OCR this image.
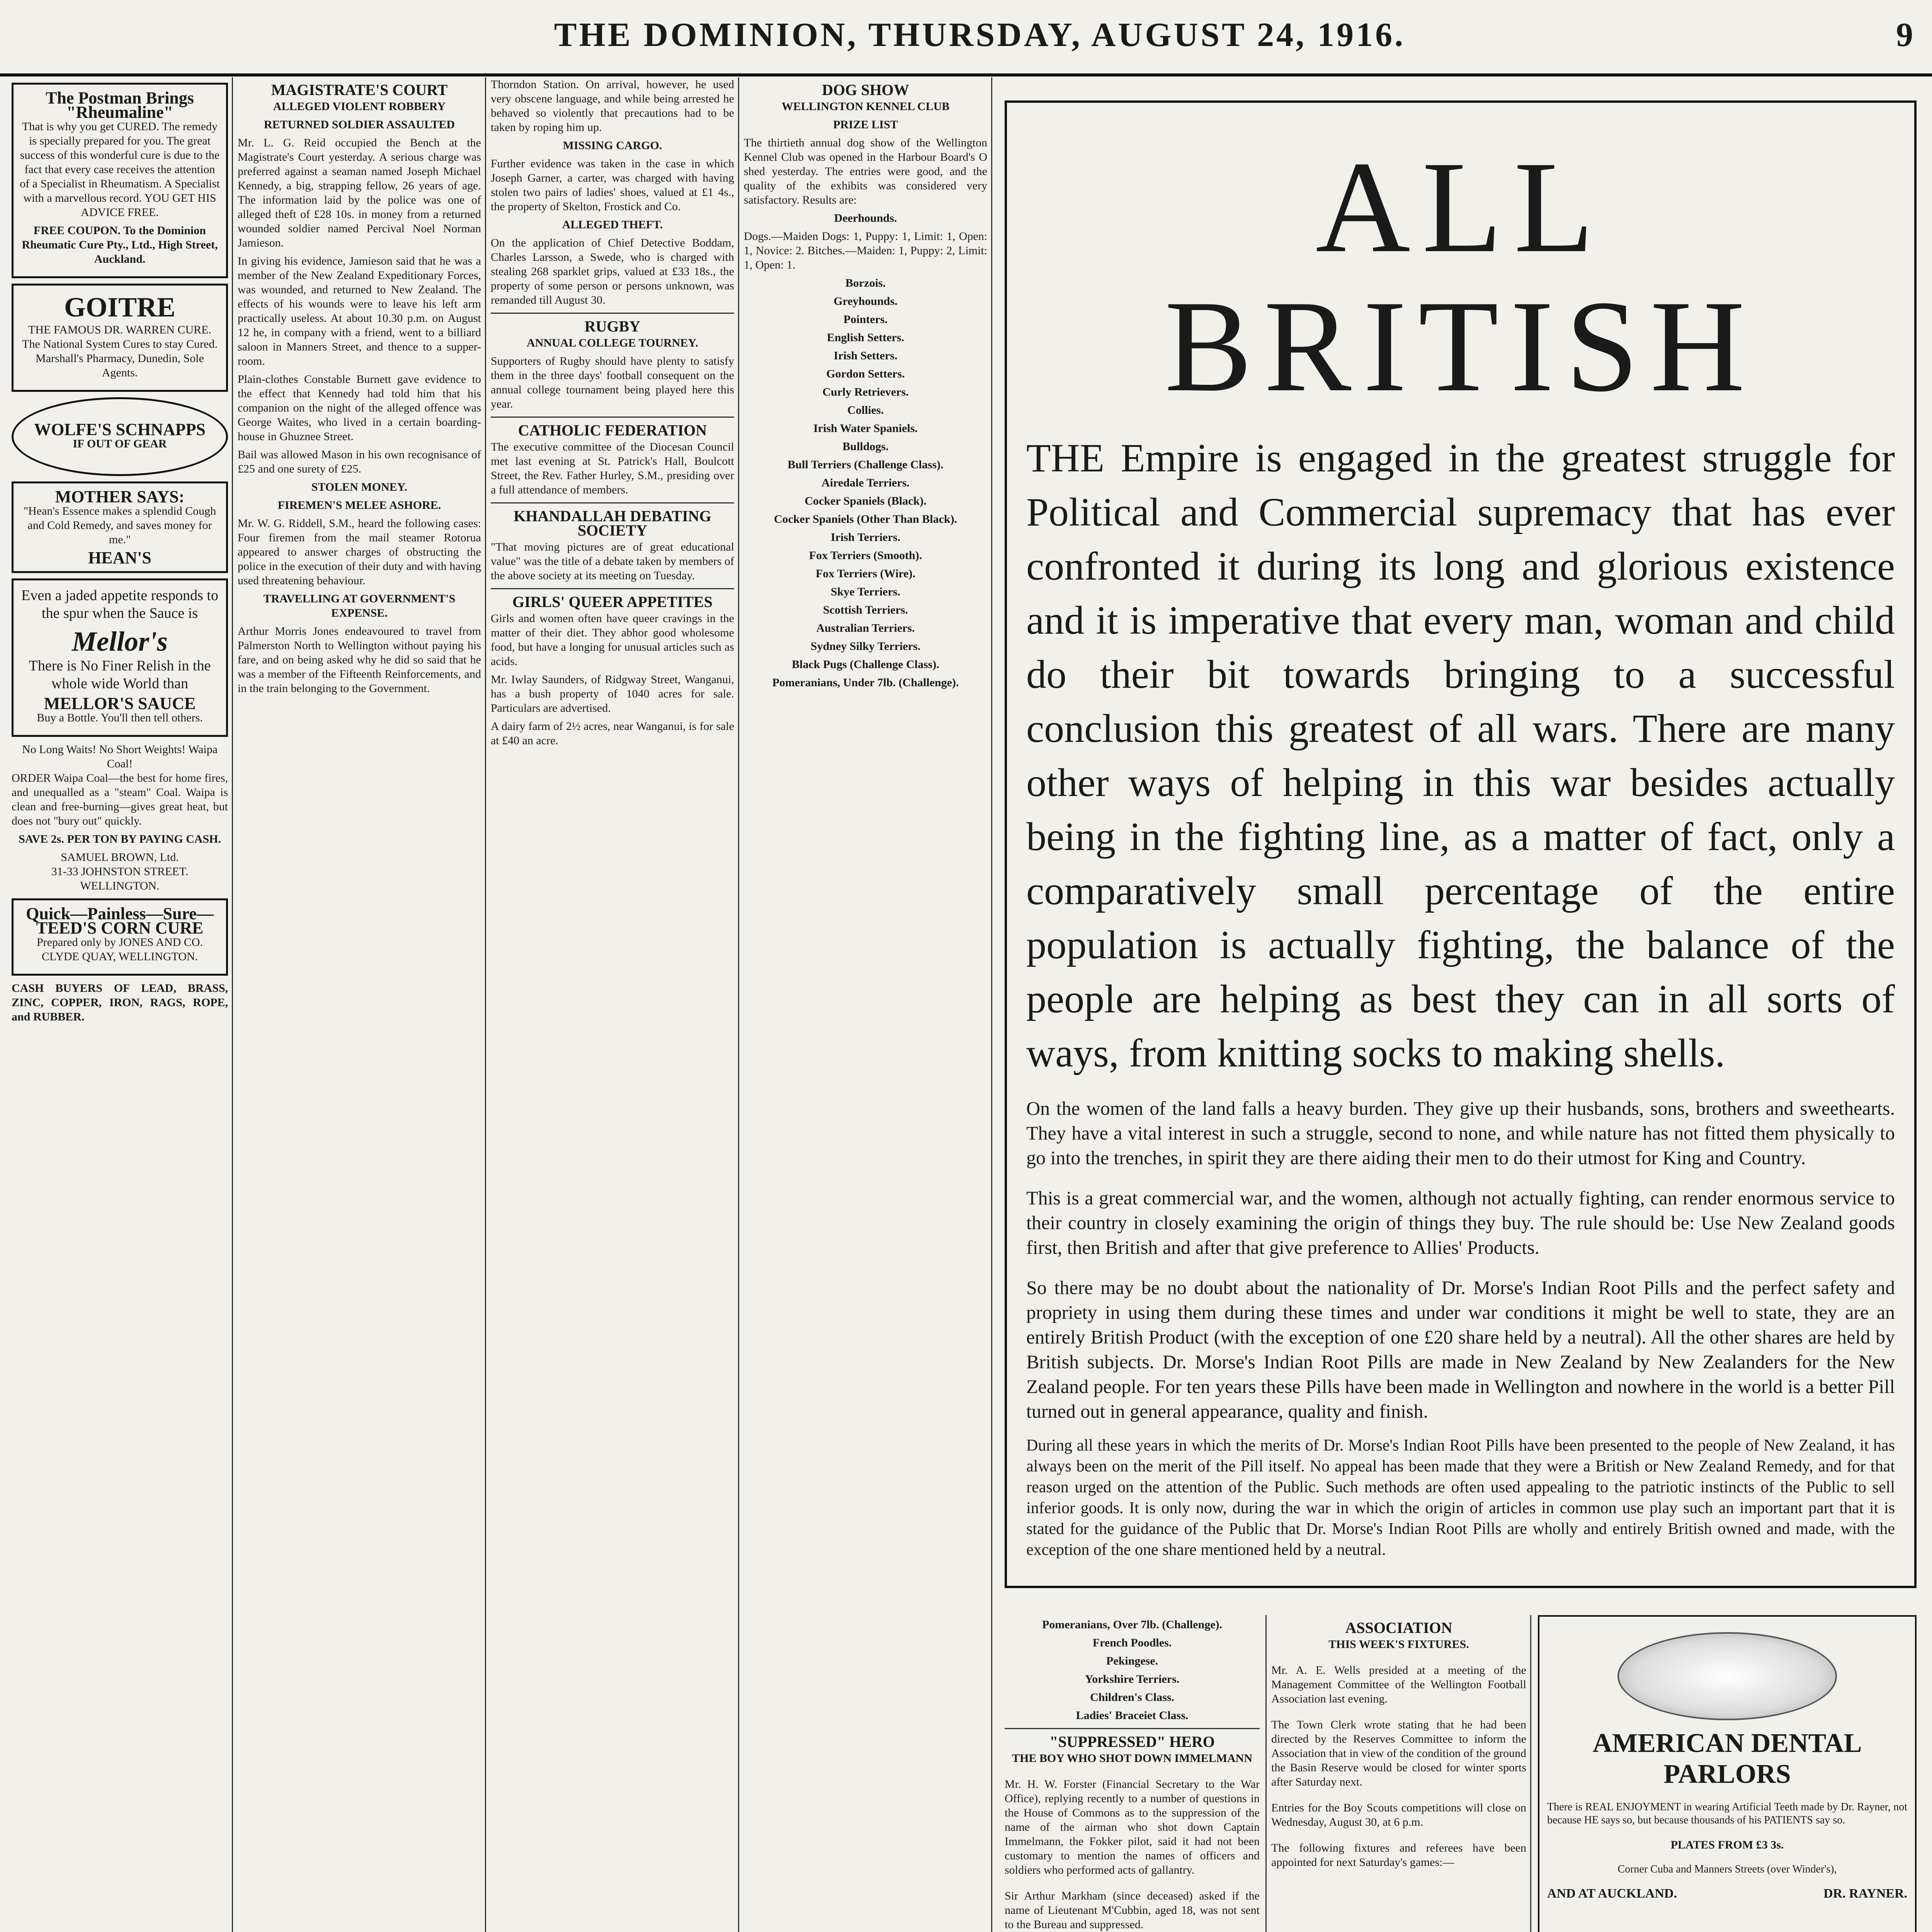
THE DOMINION, THURSDAY, AUGUST 24, 1916.	9
The Postman Brings "Rheumaline"

That is why you get CURED. The remedy is specially prepared for you. The great success of this wonderful cure is due to the fact that every case receives the attention of a Specialist in Rheumatism. A Specialist with a marvellous record. YOU GET HIS ADVICE FREE.

FREE COUPON. To the Dominion Rheumatic Cure Pty., Ltd., High Street, Auckland.

GOITRE

THE FAMOUS DR. WARREN CURE. The National System Cures to stay Cured. Marshall's Pharmacy, Dunedin, Sole Agents.

WOLFE'S SCHNAPPS
IF OUT OF GEAR
MOTHER SAYS:

"Hean's Essence makes a splendid Cough and Cold Remedy, and saves money for me."

HEAN'S

Even a jaded appetite responds to the spur when the Sauce is

Mellor's

There is No Finer Relish in the whole wide World than

MELLOR'S SAUCE

Buy a Bottle. You'll then tell others.

No Long Waits! No Short Weights! Waipa Coal!

ORDER Waipa Coal—the best for home fires, and unequalled as a "steam" Coal. Waipa is clean and free-burning—gives great heat, but does not "bury out" quickly.

SAVE 2s. PER TON BY PAYING CASH.

SAMUEL BROWN, Ltd.

31-33 JOHNSTON STREET. WELLINGTON.

Quick—Painless—Sure— TEED'S CORN CURE

Prepared only by JONES AND CO. CLYDE QUAY, WELLINGTON.

CASH BUYERS OF LEAD, BRASS, ZINC, COPPER, IRON, RAGS, ROPE, and RUBBER.

MAGISTRATE'S COURT
ALLEGED VIOLENT ROBBERY
RETURNED SOLDIER ASSAULTED

Mr. L. G. Reid occupied the Bench at the Magistrate's Court yesterday. A serious charge was preferred against a seaman named Joseph Michael Kennedy, a big, strapping fellow, 26 years of age. The information laid by the police was one of alleged theft of £28 10s. in money from a returned wounded soldier named Percival Noel Norman Jamieson.

In giving his evidence, Jamieson said that he was a member of the New Zealand Expeditionary Forces, was wounded, and returned to New Zealand. The effects of his wounds were to leave his left arm practically useless. At about 10.30 p.m. on August 12 he, in company with a friend, went to a billiard saloon in Manners Street, and thence to a supper-room.

Plain-clothes Constable Burnett gave evidence to the effect that Kennedy had told him that his companion on the night of the alleged offence was George Waites, who lived in a certain boarding-house in Ghuznee Street.

Bail was allowed Mason in his own recognisance of £25 and one surety of £25.

STOLEN MONEY.
FIREMEN'S MELEE ASHORE.

Mr. W. G. Riddell, S.M., heard the following cases: Four firemen from the mail steamer Rotorua appeared to answer charges of obstructing the police in the execution of their duty and with having used threatening behaviour.

TRAVELLING AT GOVERNMENT'S EXPENSE.

Arthur Morris Jones endeavoured to travel from Palmerston North to Wellington without paying his fare, and on being asked why he did so said that he was a member of the Fifteenth Reinforcements, and in the train belonging to the Government.

Thorndon Station. On arrival, however, he used very obscene language, and while being arrested he behaved so violently that precautions had to be taken by roping him up.

MISSING CARGO.

Further evidence was taken in the case in which Joseph Garner, a carter, was charged with having stolen two pairs of ladies' shoes, valued at £1 4s., the property of Skelton, Frostick and Co.

ALLEGED THEFT.

On the application of Chief Detective Boddam, Charles Larsson, a Swede, who is charged with stealing 268 sparklet grips, valued at £33 18s., the property of some person or persons unknown, was remanded till August 30.

RUGBY
ANNUAL COLLEGE TOURNEY.

Supporters of Rugby should have plenty to satisfy them in the three days' football consequent on the annual college tournament being played here this year.

CATHOLIC FEDERATION

The executive committee of the Diocesan Council met last evening at St. Patrick's Hall, Boulcott Street, the Rev. Father Hurley, S.M., presiding over a full attendance of members.

KHANDALLAH DEBATING SOCIETY

"That moving pictures are of great educational value" was the title of a debate taken by members of the above society at its meeting on Tuesday.

GIRLS' QUEER APPETITES

Girls and women often have queer cravings in the matter of their diet. They abhor good wholesome food, but have a longing for unusual articles such as acids.

Mr. Iwlay Saunders, of Ridgway Street, Wanganui, has a bush property of 1040 acres for sale. Particulars are advertised.

A dairy farm of 2½ acres, near Wanganui, is for sale at £40 an acre.

DOG SHOW
WELLINGTON KENNEL CLUB
PRIZE LIST

The thirtieth annual dog show of the Wellington Kennel Club was opened in the Harbour Board's O shed yesterday. The entries were good, and the quality of the exhibits was considered very satisfactory. Results are:

Deerhounds.

Dogs.—Maiden Dogs: 1, Puppy: 1, Limit: 1, Open: 1, Novice: 2. Bitches.—Maiden: 1, Puppy: 2, Limit: 1, Open: 1.

Borzois.
Greyhounds.
Pointers.
English Setters.
Irish Setters.
Gordon Setters.
Curly Retrievers.
Collies.
Irish Water Spaniels.
Bulldogs.
Bull Terriers (Challenge Class).
Airedale Terriers.
Cocker Spaniels (Black).
Cocker Spaniels (Other Than Black).
Irish Terriers.
Fox Terriers (Smooth).
Fox Terriers (Wire).
Skye Terriers.
Scottish Terriers.
Australian Terriers.
Sydney Silky Terriers.
Black Pugs (Challenge Class).
Pomeranians, Under 7lb. (Challenge).
ALL BRITISH
THE Empire is engaged in the greatest struggle for Political and Commercial supremacy that has ever confronted it during its long and glorious existence and it is imperative that every man, woman and child do their bit towards bringing to a successful conclusion this greatest of all wars. There are many other ways of helping in this war besides actually being in the fighting line, as a matter of fact, only a comparatively small percentage of the entire population is actually fighting, the balance of the people are helping as best they can in all sorts of ways, from knitting socks to making shells.
On the women of the land falls a heavy burden. They give up their husbands, sons, brothers and sweethearts. They have a vital interest in such a struggle, second to none, and while nature has not fitted them physically to go into the trenches, in spirit they are there aiding their men to do their utmost for King and Country.
This is a great commercial war, and the women, although not actually fighting, can render enormous service to their country in closely examining the origin of things they buy. The rule should be: Use New Zealand goods first, then British and after that give preference to Allies' Products.
So there may be no doubt about the nationality of Dr. Morse's Indian Root Pills and the perfect safety and propriety in using them during these times and under war conditions it might be well to state, they are an entirely British Product (with the exception of one £20 share held by a neutral). All the other shares are held by British subjects. Dr. Morse's Indian Root Pills are made in New Zealand by New Zealanders for the New Zealand people. For ten years these Pills have been made in Wellington and nowhere in the world is a better Pill turned out in general appearance, quality and finish.
During all these years in which the merits of Dr. Morse's Indian Root Pills have been presented to the people of New Zealand, it has always been on the merit of the Pill itself. No appeal has been made that they were a British or New Zealand Remedy, and for that reason urged on the attention of the Public. Such methods are often used appealing to the patriotic instincts of the Public to sell inferior goods. It is only now, during the war in which the origin of articles in common use play such an important part that it is stated for the guidance of the Public that Dr. Morse's Indian Root Pills are wholly and entirely British owned and made, with the exception of the one share mentioned held by a neutral.
Pomeranians, Over 7lb. (Challenge).
French Poodles.
Pekingese.
Yorkshire Terriers.
Children's Class.
Ladies' Braceiet Class.
"SUPPRESSED" HERO
THE BOY WHO SHOT DOWN IMMELMANN

Mr. H. W. Forster (Financial Secretary to the War Office), replying recently to a number of questions in the House of Commons as to the suppression of the name of the airman who shot down Captain Immelmann, the Fokker pilot, said it had not been customary to mention the names of officers and soldiers who performed acts of gallantry.

Sir Arthur Markham (since deceased) asked if the name of Lieutenant M'Cubbin, aged 18, was not sent to the Bureau and suppressed.

ASSOCIATION
THIS WEEK'S FIXTURES.

Mr. A. E. Wells presided at a meeting of the Management Committee of the Wellington Football Association last evening.

The Town Clerk wrote stating that he had been directed by the Reserves Committee to inform the Association that in view of the condition of the ground the Basin Reserve would be closed for winter sports after Saturday next.

Entries for the Boy Scouts competitions will close on Wednesday, August 30, at 6 p.m.

The following fixtures and referees have been appointed for next Saturday's games:—

AMERICAN DENTAL PARLORS

There is REAL ENJOYMENT in wearing Artificial Teeth made by Dr. Rayner, not because HE says so, but because thousands of his PATIENTS say so.

PLATES FROM £3 3s.

Corner Cuba and Manners Streets (over Winder's),

AND AT AUCKLAND.	DR. RAYNER.
